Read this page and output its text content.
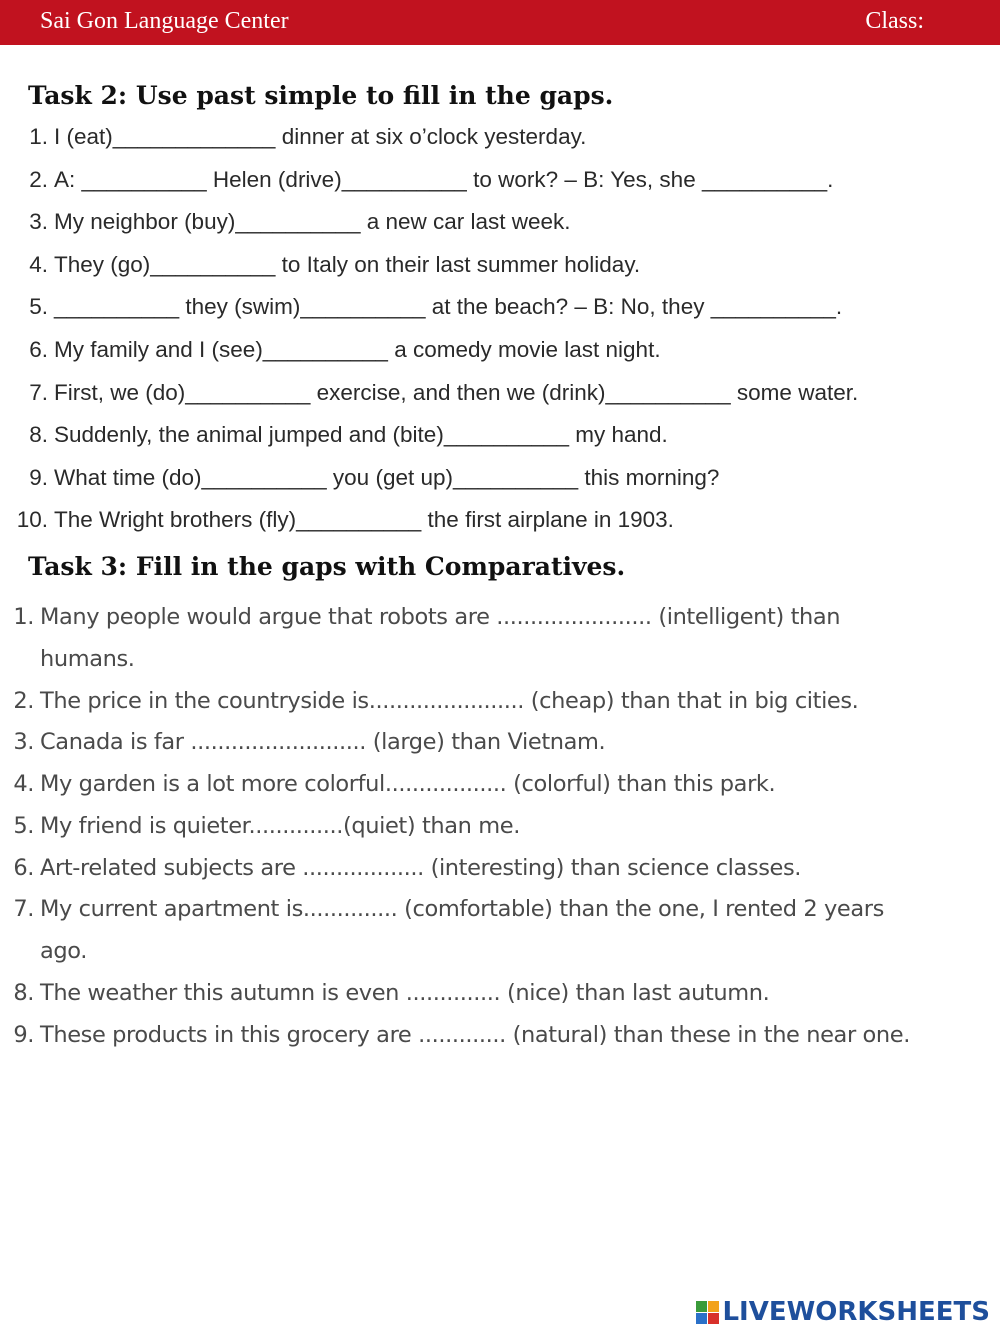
Sai Gon Language Center	Class:
Task 2: Use past simple to fill in the gaps.
1. I (eat)_____________ dinner at six o’clock yesterday.
2. A: __________ Helen (drive)__________ to work? – B: Yes, she __________.
3. My neighbor (buy)__________ a new car last week.
4. They (go)__________ to Italy on their last summer holiday.
5. __________ they (swim)__________ at the beach? – B: No, they __________.
6. My family and I (see)__________ a comedy movie last night.
7. First, we (do)__________ exercise, and then we (drink)__________ some water.
8. Suddenly, the animal jumped and (bite)__________ my hand.
9. What time (do)__________ you (get up)__________ this morning?
10. The Wright brothers (fly)__________ the first airplane in 1903.
Task 3: Fill in the gaps with Comparatives.
1. Many people would argue that robots are ....................... (intelligent) than
humans.
2. The price in the countryside is....................... (cheap) than that in big cities.
3. Canada is far .......................... (large) than Vietnam.
4. My garden is a lot more colorful.................. (colorful) than this park.
5. My friend is quieter..............(quiet) than me.
6. Art-related subjects are .................. (interesting) than science classes.
7. My current apartment is.............. (comfortable) than the one, I rented 2 years
ago.
8. The weather this autumn is even .............. (nice) than last autumn.
9. These products in this grocery are ............. (natural) than these in the near one.
LIVEWORKSHEETS
